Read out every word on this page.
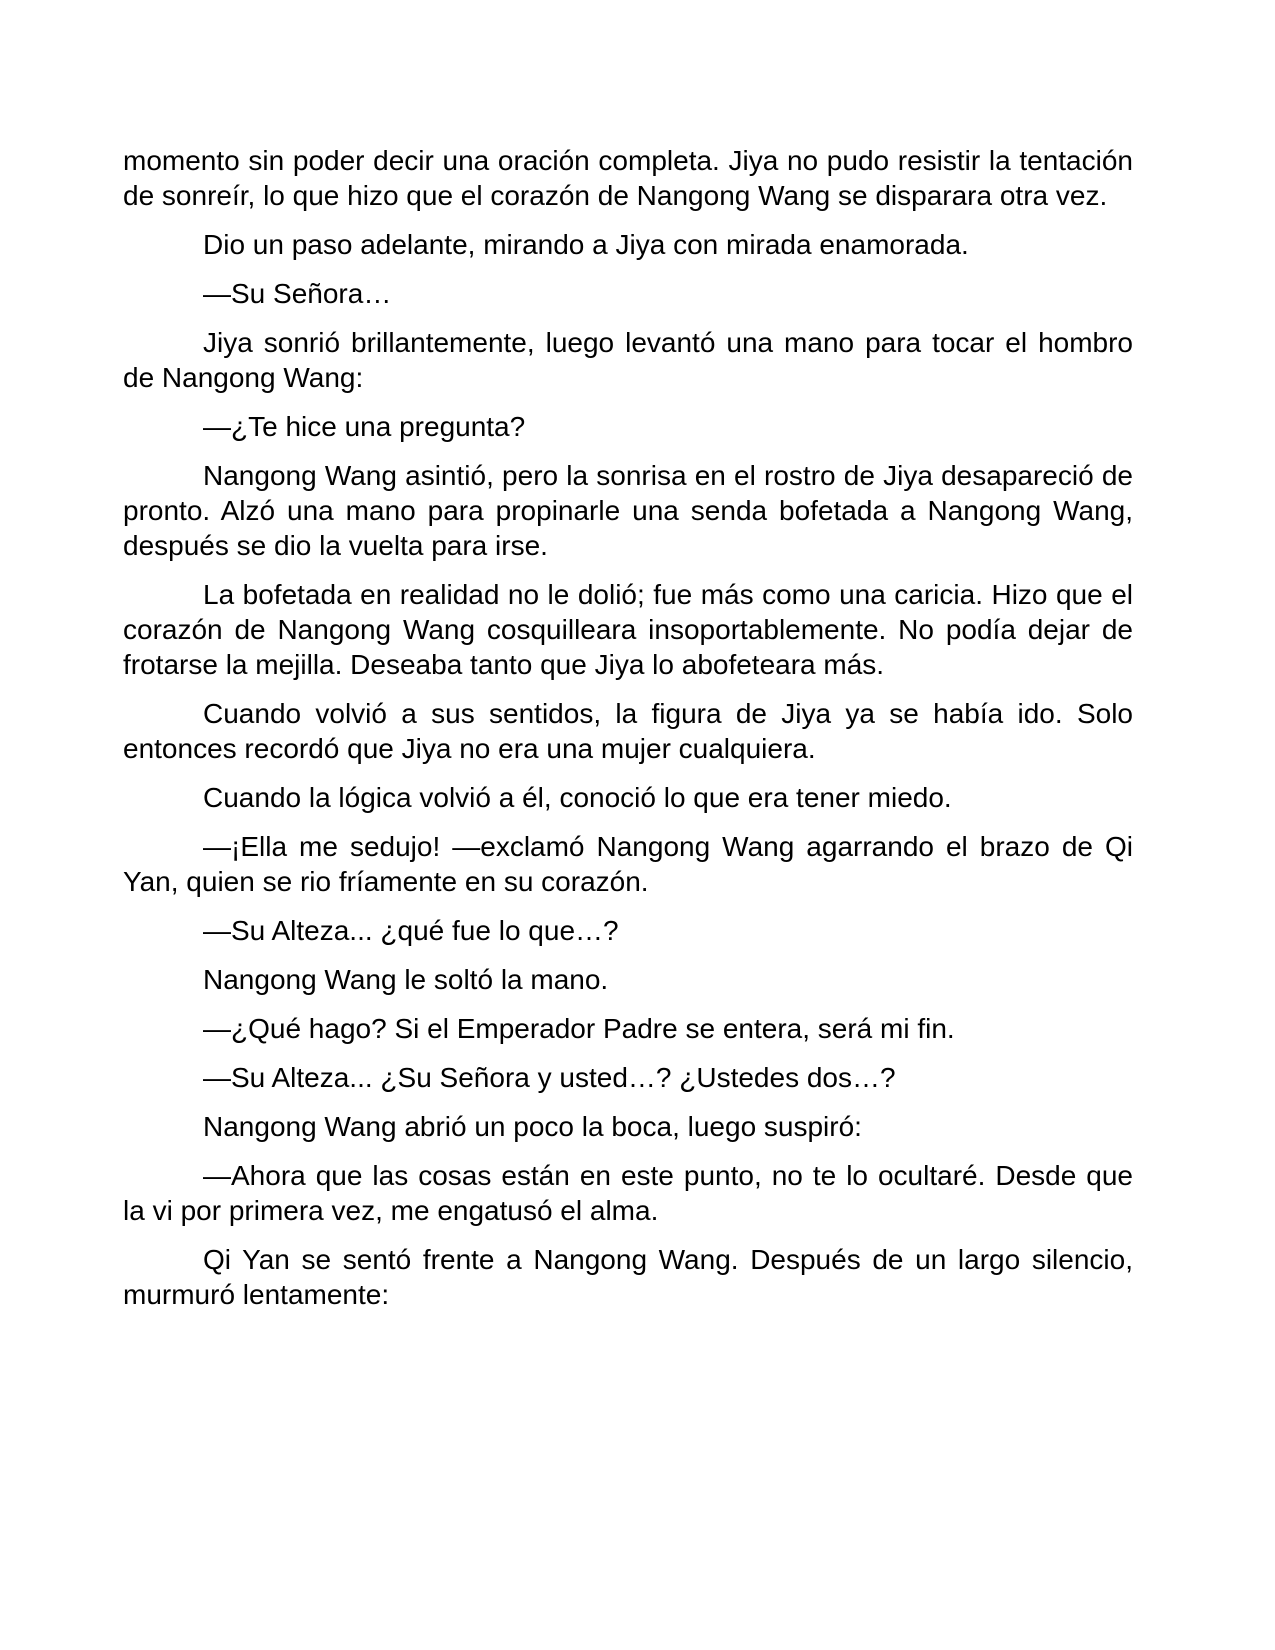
momento sin poder decir una oración completa. Jiya no pudo resistir la tentación de sonreír, lo que hizo que el corazón de Nangong Wang se disparara otra vez.

Dio un paso adelante, mirando a Jiya con mirada enamorada.

—Su Señora…

Jiya sonrió brillantemente, luego levantó una mano para tocar el hombro de Nangong Wang:

—¿Te hice una pregunta?

Nangong Wang asintió, pero la sonrisa en el rostro de Jiya desapareció de pronto. Alzó una mano para propinarle una senda bofetada a Nangong Wang, después se dio la vuelta para irse.

La bofetada en realidad no le dolió; fue más como una caricia. Hizo que el corazón de Nangong Wang cosquilleara insoportablemente. No podía dejar de frotarse la mejilla. Deseaba tanto que Jiya lo abofeteara más.

Cuando volvió a sus sentidos, la figura de Jiya ya se había ido. Solo entonces recordó que Jiya no era una mujer cualquiera.

Cuando la lógica volvió a él, conoció lo que era tener miedo.

—¡Ella me sedujo! —exclamó Nangong Wang agarrando el brazo de Qi Yan, quien se rio fríamente en su corazón.

—Su Alteza... ¿qué fue lo que…?

Nangong Wang le soltó la mano.

—¿Qué hago? Si el Emperador Padre se entera, será mi fin.

—Su Alteza... ¿Su Señora y usted…? ¿Ustedes dos…?

Nangong Wang abrió un poco la boca, luego suspiró:

—Ahora que las cosas están en este punto, no te lo ocultaré. Desde que la vi por primera vez, me engatusó el alma.

Qi Yan se sentó frente a Nangong Wang. Después de un largo silencio, murmuró lentamente:
